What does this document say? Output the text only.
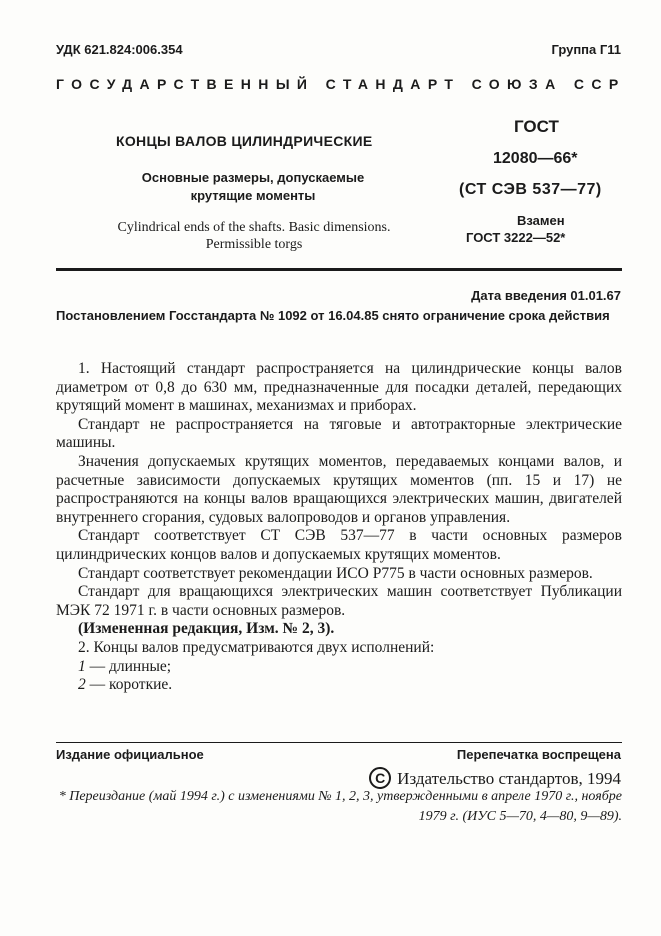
УДК 621.824:006.354	Группа Г11
ГОСУДАРСТВЕННЫЙ СТАНДАРТ СОЮЗА ССР
КОНЦЫ ВАЛОВ ЦИЛИНДРИЧЕСКИЕ
Основные размеры, допускаемые крутящие моменты
Cylindrical ends of the shafts. Basic dimensions. Permissible torgs
ГОСТ
12080—66*
(СТ СЭВ 537—77)
Взамен
ГОСТ 3222—52*
Дата введения 01.01.67
Постановлением Госстандарта № 1092 от 16.04.85 снято ограничение срока действия

1. Настоящий стандарт распространяется на цилиндрические концы валов диаметром от 0,8 до 630 мм, предназначенные для посадки деталей, передающих крутящий момент в машинах, механизмах и приборах.

Стандарт не распространяется на тяговые и автотракторные электрические машины.

Значения допускаемых крутящих моментов, передаваемых концами валов, и расчетные зависимости допускаемых крутящих моментов (пп. 15 и 17) не распространяются на концы валов вращающихся электрических машин, двигателей внутреннего сгорания, судовых валопроводов и органов управления.

Стандарт соответствует СТ СЭВ 537—77 в части основных размеров цилиндрических концов валов и допускаемых крутящих моментов.

Стандарт соответствует рекомендации ИСО Р775 в части основных размеров.

Стандарт для вращающихся электрических машин соответствует Публикации МЭК 72 1971 г. в части основных размеров.

(Измененная редакция, Изм. № 2, 3).

2. Концы валов предусматриваются двух исполнений:

1 — длинные;

2 — короткие.

Издание официальное	Перепечатка воспрещена
C Издательство стандартов, 1994
* Переиздание (май 1994 г.) с изменениями № 1, 2, 3, утвержденными в апреле 1970 г., ноябре 1979 г. (ИУС 5—70, 4—80, 9—89).
